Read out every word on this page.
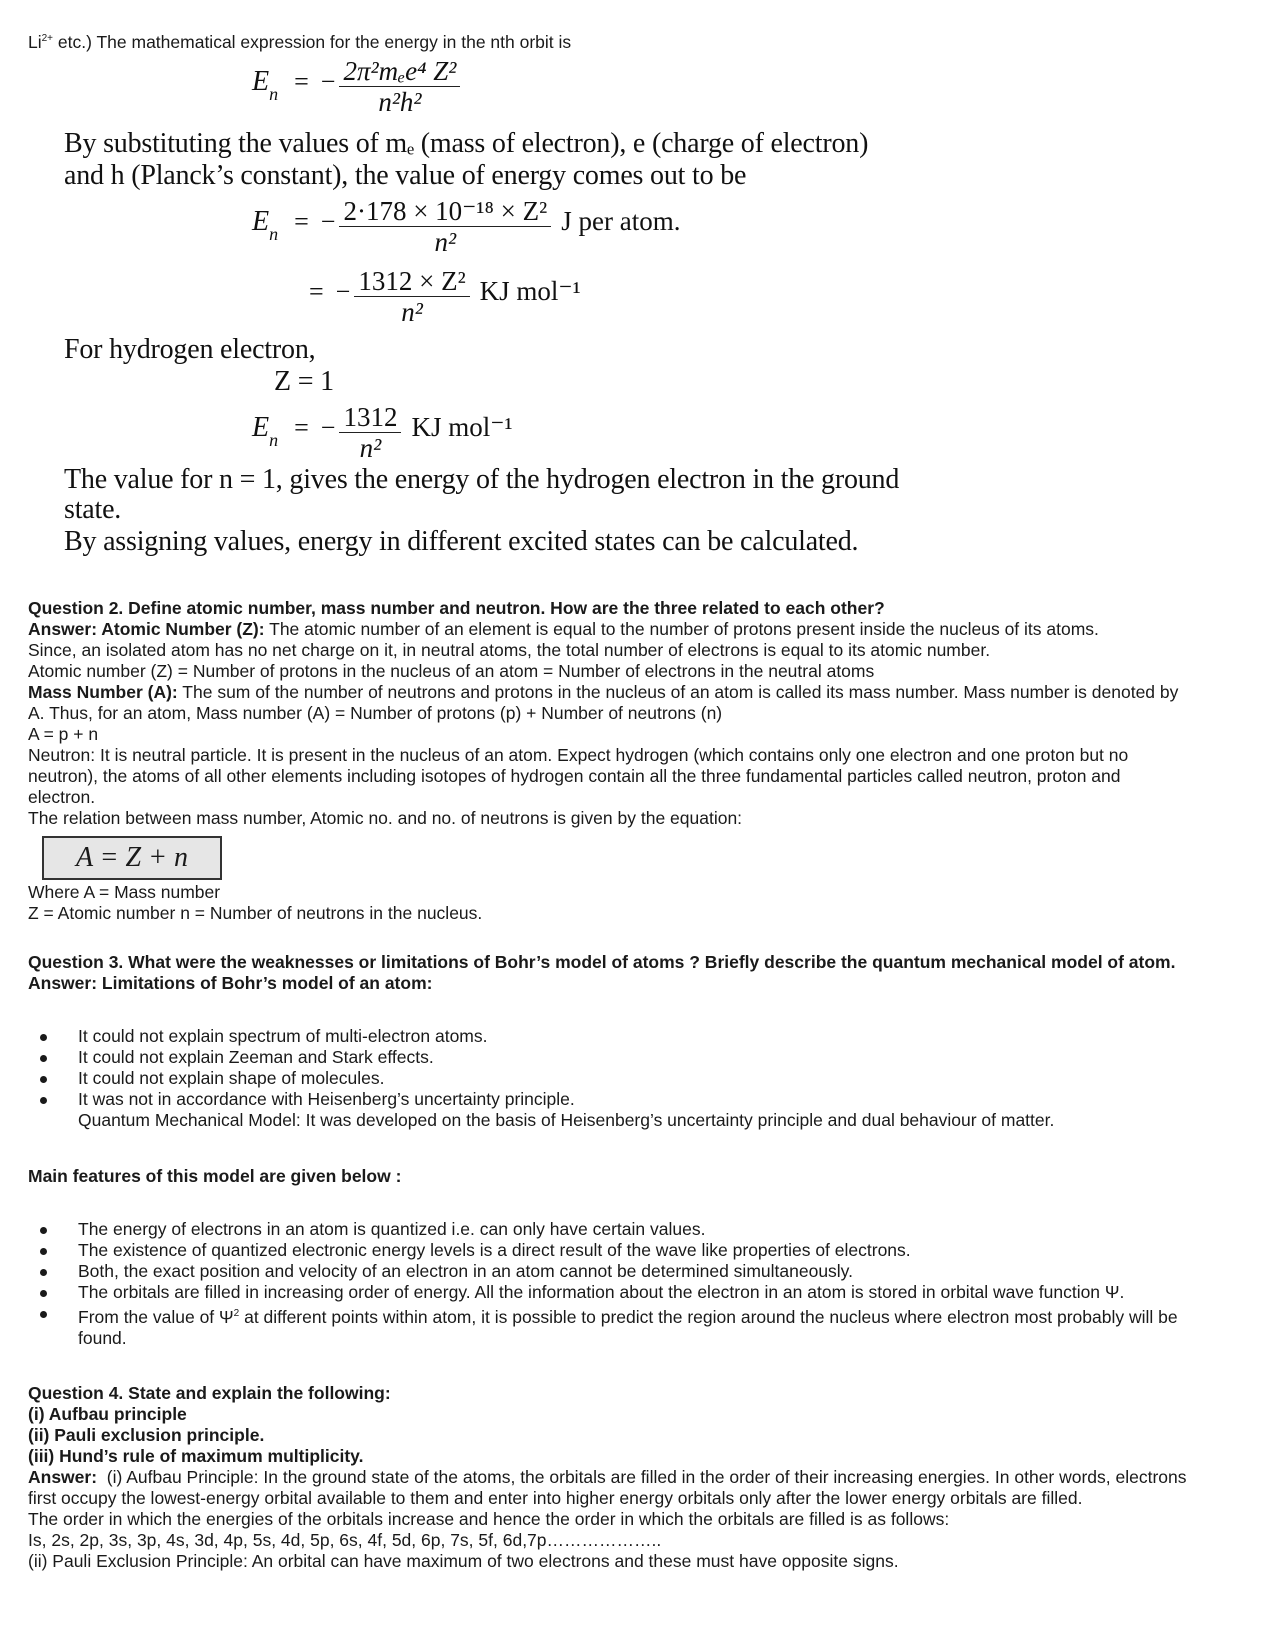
$Li^{2+}$ etc.) The mathematical expression for the energy in the nth orbit is
En = − $\frac{\text{2π²mₑe⁴ Z²}}{\text{n²h²}}$
By substituting the values of mₑ (mass of electron), e (charge of electron)
and h (Planck’s constant), the value of energy comes out to be
En = − $\frac{\text{2·178 × 10⁻¹⁸ × Z²}}{\text{n²}}$ J per atom.
= − $\frac{\text{1312 × Z²}}{\text{n²}}$ KJ mol⁻¹
For hydrogen electron,
Z = 1
En = − $\frac{1312}{\text{n²}}$ KJ mol⁻¹
The value for n = 1, gives the energy of the hydrogen electron in the ground
state.
By assigning values, energy in different excited states can be calculated.
Question 2. Define atomic number, mass number and neutron. How are the three related to each other?
Answer: Atomic Number (Z): The atomic number of an element is equal to the number of protons present inside the nucleus of its atoms.
Since, an isolated atom has no net charge on it, in neutral atoms, the total number of electrons is equal to its atomic number.
Atomic number (Z) = Number of protons in the nucleus of an atom = Number of electrons in the neutral atoms
Mass Number (A): The sum of the number of neutrons and protons in the nucleus of an atom is called its mass number. Mass number is denoted by
A. Thus, for an atom, Mass number (A) = Number of protons (p) + Number of neutrons (n)
A = p + n
Neutron: It is neutral particle. It is present in the nucleus of an atom. Expect hydrogen (which contains only one electron and one proton but no
neutron), the atoms of all other elements including isotopes of hydrogen contain all the three fundamental particles called neutron, proton and
electron.
The relation between mass number, Atomic no. and no. of neutrons is given by the equation:
A = Z + n
Where A = Mass number
Z = Atomic number n = Number of neutrons in the nucleus.
Question 3. What were the weaknesses or limitations of Bohr’s model of atoms ? Briefly describe the quantum mechanical model of atom.
Answer: Limitations of Bohr’s model of an atom:
It could not explain spectrum of multi-electron atoms.
It could not explain Zeeman and Stark effects.
It could not explain shape of molecules.
It was not in accordance with Heisenberg’s uncertainty principle.
Quantum Mechanical Model: It was developed on the basis of Heisenberg’s uncertainty principle and dual behaviour of matter.
Main features of this model are given below :
The energy of electrons in an atom is quantized i.e. can only have certain values.
The existence of quantized electronic energy levels is a direct result of the wave like properties of electrons.
Both, the exact position and velocity of an electron in an atom cannot be determined simultaneously.
The orbitals are filled in increasing order of energy. All the information about the electron in an atom is stored in orbital wave function Ψ.
From the value of $\Psi^2$ at different points within atom, it is possible to predict the region around the nucleus where electron most probably will be
found.
Question 4. State and explain the following:
(i) Aufbau principle
(ii) Pauli exclusion principle.
(iii) Hund’s rule of maximum multiplicity.
Answer:  (i) Aufbau Principle: In the ground state of the atoms, the orbitals are filled in the order of their increasing energies. In other words, electrons
first occupy the lowest-energy orbital available to them and enter into higher energy orbitals only after the lower energy orbitals are filled.
The order in which the energies of the orbitals increase and hence the order in which the orbitals are filled is as follows:
Is, 2s, 2p, 3s, 3p, 4s, 3d, 4p, 5s, 4d, 5p, 6s, 4f, 5d, 6p, 7s, 5f, 6d,7p………………..
(ii) Pauli Exclusion Principle: An orbital can have maximum of two electrons and these must have opposite signs.
